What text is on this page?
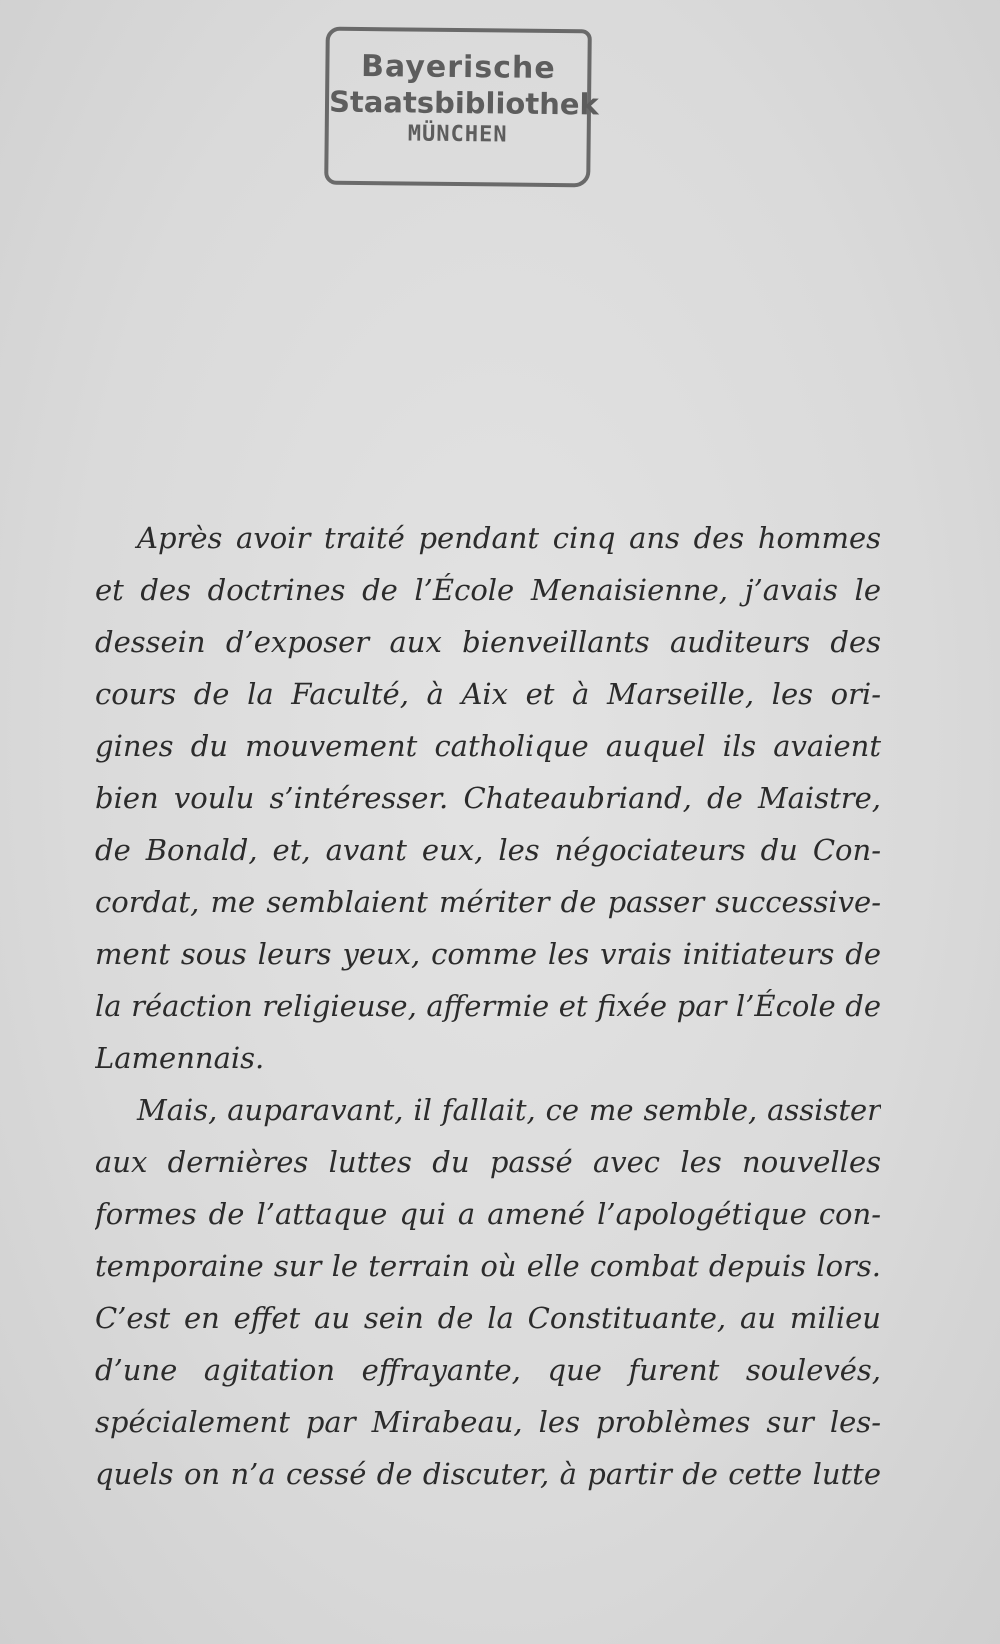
Bayerische
Staatsbibliothek
MÜNCHEN
Après avoir traité pendant cinq ans des hommes
et des doctrines de l’École Menaisienne, j’avais le
dessein d’exposer aux bienveillants auditeurs des
cours de la Faculté, à Aix et à Marseille, les ori-
gines du mouvement catholique auquel ils avaient
bien voulu s’intéresser. Chateaubriand, de Maistre,
de Bonald, et, avant eux, les négociateurs du Con-
cordat, me semblaient mériter de passer successive-
ment sous leurs yeux, comme les vrais initiateurs de
la réaction religieuse, affermie et fixée par l’École de
Lamennais.
Mais, auparavant, il fallait, ce me semble, assister
aux dernières luttes du passé avec les nouvelles
formes de l’attaque qui a amené l’apologétique con-
temporaine sur le terrain où elle combat depuis lors.
C’est en effet au sein de la Constituante, au milieu
d’une agitation effrayante, que furent soulevés,
spécialement par Mirabeau, les problèmes sur les-
quels on n’a cessé de discuter, à partir de cette lutte
